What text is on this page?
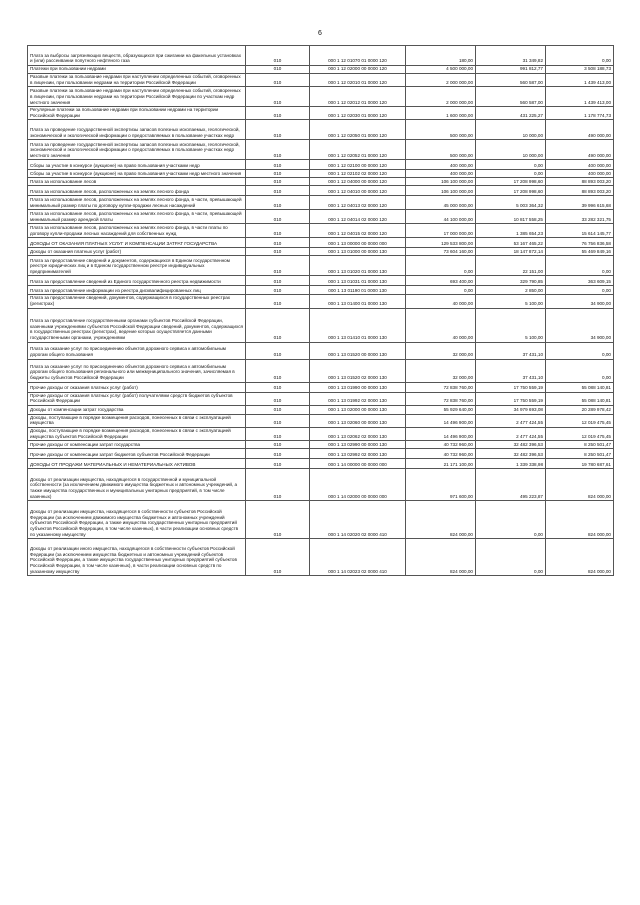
6
Плата за выбросы загрязняющих веществ, образующихся при сжигании на факельных установках и (или) рассеивании попутного нефтяного газа	010	000 1 12 01070 01 0000 120	180,00	31 349,82	0,00
Платежи при пользовании недрами	010	000 1 12 02000 00 0000 120	4 500 000,00	991 812,77	3 508 188,73
Разовые платежи за пользование недрами при наступлении определенных событий, оговоренных в лицензии, при пользовании недрами на территории Российской Федерации	010	000 1 12 02010 01 0000 120	2 000 000,00	560 587,00	1 439 413,00
Разовые платежи за пользование недрами при наступлении определенных событий, оговоренных в лицензии, при пользовании недрами на территории Российской Федерации по участкам недр местного значения	010	000 1 12 02012 01 0000 120	2 000 000,00	560 587,00	1 439 413,00
Регулярные платежи за пользование недрами при пользовании недрами на территории Российской Федерации	010	000 1 12 02030 01 0000 120	1 600 000,00	431 225,27	1 178 774,73
Плата за проведение государственной экспертизы запасов полезных ископаемых, геологической, экономической и экологической информации о предоставляемых в пользование участках недр	010	000 1 12 02050 01 0000 120	500 000,00	10 000,00	490 000,00
Плата за проведение государственной экспертизы запасов полезных ископаемых, геологической, экономической и экологической информации о предоставляемых в пользование участках недр местного значения	010	000 1 12 02052 01 0000 120	500 000,00	10 000,00	490 000,00
Сборы за участие в конкурсе (аукционе) на право пользования участками недр	010	000 1 12 02100 00 0000 120	400 000,00	0,00	400 000,00
Сборы за участие в конкурсе (аукционе) на право пользования участками недр местного значения	010	000 1 12 02102 02 0000 120	400 000,00	0,00	400 000,00
Плата за использование лесов	010	000 1 12 04000 00 0000 120	106 100 000,00	17 208 998,60	88 893 003,20
Плата за использование лесов, расположенных на землях лесного фонда	010	000 1 12 04010 00 0000 120	106 100 000,00	17 208 998,60	88 893 003,20
Плата за использование лесов, расположенных на землях лесного фонда, в части, превышающей минимальный размер платы по договору купли-продажи лесных насаждений	010	000 1 12 04013 02 0000 120	45 000 000,00	5 003 364,32	39 996 615,68
Плата за использование лесов, расположенных на землях лесного фонда, в части, превышающей минимальный размер арендной платы	010	000 1 12 04014 02 0000 120	44 100 000,00	10 817 558,25	33 282 321,75
Плата за использование лесов, расположенных на землях лесного фонда, в части платы по договору купли-продажи лесных насаждений для собственных нужд	010	000 1 12 04015 02 0000 120	17 000 000,00	1 385 654,23	15 614 145,77
ДОХОДЫ ОТ ОКАЗАНИЯ ПЛАТНЫХ УСЛУГ И КОМПЕНСАЦИИ ЗАТРАТ ГОСУДАРСТВА	010	000 1 13 00000 00 0000 000	129 533 800,00	53 167 465,22	76 756 836,58
Доходы от оказания платных услуг (работ)	010	000 1 13 01000 00 0000 130	73 604 160,00	18 147 872,14	55 469 849,16
Плата за предоставление сведений и документов, содержащихся в Едином государственном реестре юридических лиц и в Едином государственном реестре индивидуальных предпринимателей	010	000 1 13 01020 01 0000 130	0,00	22 151,00	0,00
Плата за предоставление сведений из Единого государственного реестра недвижимости	010	000 1 13 01031 01 0000 130	693 400,00	329 790,85	363 609,15
Плата за предоставление информации из реестра дисквалифицированных лиц	010	000 1 13 01190 01 0000 130	0,00	2 850,00	0,00
Плата за предоставление сведений, документов, содержащихся в государственных реестрах (регистрах)	010	000 1 13 01400 01 0000 130	40 000,00	5 100,00	34 900,00
Плата за предоставление государственными органами субъектов Российской Федерации, казенными учреждениями субъектов Российской Федерации сведений, документов, содержащихся в государственных реестрах (регистрах), ведение которых осуществляется данными государственными органами, учреждениями	010	000 1 13 01410 01 0000 130	40 000,00	5 100,00	34 900,00
Плата за оказание услуг по присоединению объектов дорожного сервиса к автомобильным дорогам общего пользования	010	000 1 13 01520 00 0000 130	32 000,00	37 431,10	0,00
Плата за оказание услуг по присоединению объектов дорожного сервиса к автомобильным дорогам общего пользования регионального или межмуниципального значения, зачисляемая в бюджеты субъектов Российской Федерации	010	000 1 13 01520 02 0000 130	32 000,00	37 431,10	0,00
Прочие доходы от оказания платных услуг (работ)	010	000 1 13 01990 00 0000 130	72 838 760,00	17 750 559,19	55 088 140,81
Прочие доходы от оказания платных услуг (работ) получателями средств бюджетов субъектов Российской Федерации	010	000 1 13 01992 02 0000 130	72 838 760,00	17 750 559,19	55 088 140,81
Доходы от компенсации затрат государства	010	000 1 13 02000 00 0000 130	55 929 640,00	34 979 693,08	20 289 978,42
Доходы, поступающие в порядке возмещения расходов, понесенных в связи с эксплуатацией имущества	010	000 1 13 02060 00 0000 130	14 496 900,00	2 477 424,55	12 019 475,45
Доходы, поступающие в порядке возмещения расходов, понесенных в связи с эксплуатацией имущества субъектов Российской Федерации	010	000 1 13 02062 02 0000 130	14 496 900,00	2 477 424,55	12 019 475,45
Прочие доходы от компенсации затрат государства	010	000 1 13 02990 00 0000 130	40 732 960,00	32 482 396,53	8 250 501,47
Прочие доходы от компенсации затрат бюджетов субъектов Российской Федерации	010	000 1 13 02992 02 0000 130	40 732 960,00	32 482 396,53	8 250 501,47
ДОХОДЫ ОТ ПРОДАЖИ МАТЕРИАЛЬНЫХ И НЕМАТЕРИАЛЬНЫХ АКТИВОВ	010	000 1 14 00000 00 0000 000	21 171 100,00	1 339 338,98	19 780 687,61
Доходы от реализации имущества, находящегося в государственной и муниципальной собственности (за исключением движимого имущества бюджетных и автономных учреждений, а также имущества государственных и муниципальных унитарных предприятий, в том числе казенных)	010	000 1 14 02000 00 0000 000	971 600,00	495 223,87	824 000,00
Доходы от реализации имущества, находящегося в собственности субъектов Российской Федерации (за исключением движимого имущества бюджетных и автономных учреждений субъектов Российской Федерации, а также имущества государственных унитарных предприятий субъектов Российской Федерации, в том числе казенных), в части реализации основных средств по указанному имуществу	010	000 1 14 02020 02 0000 410	824 000,00	0,00	824 000,00
Доходы от реализации иного имущества, находящегося в собственности субъектов Российской Федерации (за исключением имущества бюджетных и автономных учреждений субъектов Российской Федерации, а также имущества государственных унитарных предприятий субъектов Российской Федерации, в том числе казенных), в части реализации основных средств по указанному имуществу	010	000 1 14 02023 02 0000 410	824 000,00	0,00	824 000,00
